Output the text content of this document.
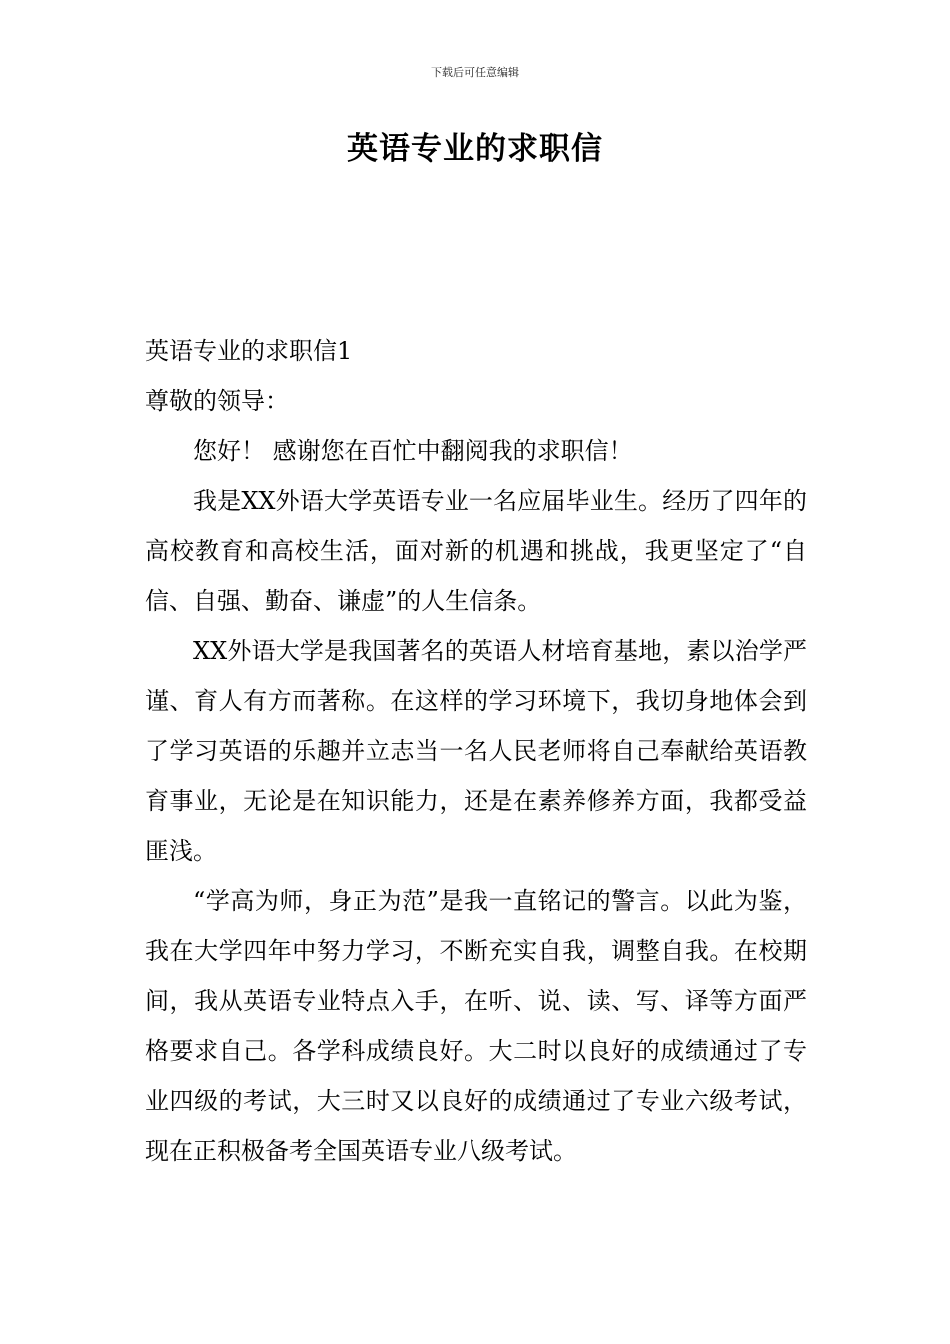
下载后可任意编辑
英语专业的求职信

英语专业的求职信1

尊敬的领导：

您好！ 感谢您在百忙中翻阅我的求职信！

我是XX外语大学英语专业一名应届毕业生。经历了四年的高校教育和高校生活，面对新的机遇和挑战，我更坚定了“自信、自强、勤奋、谦虚”的人生信条。

XX外语大学是我国著名的英语人材培育基地，素以治学严谨、育人有方而著称。在这样的学习环境下，我切身地体会到了学习英语的乐趣并立志当一名人民老师将自己奉献给英语教育事业，无论是在知识能力，还是在素养修养方面，我都受益匪浅。

“学高为师，身正为范”是我一直铭记的警言。以此为鉴，我在大学四年中努力学习，不断充实自我，调整自我。在校期间，我从英语专业特点入手，在听、说、读、写、译等方面严格要求自己。各学科成绩良好。大二时以良好的成绩通过了专业四级的考试，大三时又以良好的成绩通过了专业六级考试，现在正积极备考全国英语专业八级考试。
